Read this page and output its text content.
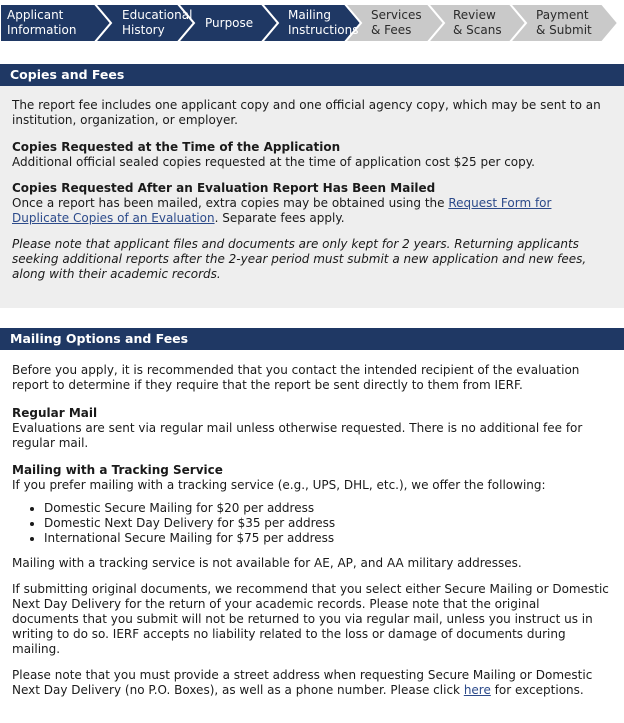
Applicant
Information
Educational
History	Purpose
Mailing
Instructions
Services
& Fees
Review
& Scans
Payment
& Submit
Copies and Fees

The report fee includes one applicant copy and one official agency copy, which may be sent to an institution, organization, or employer.

Copies Requested at the Time of the Application

Additional official sealed copies requested at the time of application cost $25 per copy.

Copies Requested After an Evaluation Report Has Been Mailed

Once a report has been mailed, extra copies may be obtained using the Request Form for Duplicate Copies of an Evaluation. Separate fees apply.

Please note that applicant files and documents are only kept for 2 years. Returning applicants seeking additional reports after the 2-year period must submit a new application and new fees, along with their academic records.

Mailing Options and Fees

Before you apply, it is recommended that you contact the intended recipient of the evaluation report to determine if they require that the report be sent directly to them from IERF.

Regular Mail

Evaluations are sent via regular mail unless otherwise requested. There is no additional fee for regular mail.

Mailing with a Tracking Service
If you prefer mailing with a tracking service (e.g., UPS, DHL, etc.), we offer the following:
• Domestic Secure Mailing for $20 per address
• Domestic Next Day Delivery for $35 per address
• International Secure Mailing for $75 per address

Mailing with a tracking service is not available for AE, AP, and AA military addresses.

If submitting original documents, we recommend that you select either Secure Mailing or Domestic Next Day Delivery for the return of your academic records. Please note that the original documents that you submit will not be returned to you via regular mail, unless you instruct us in writing to do so. IERF accepts no liability related to the loss or damage of documents during mailing.

Please note that you must provide a street address when requesting Secure Mailing or Domestic Next Day Delivery (no P.O. Boxes), as well as a phone number. Please click here for exceptions.
